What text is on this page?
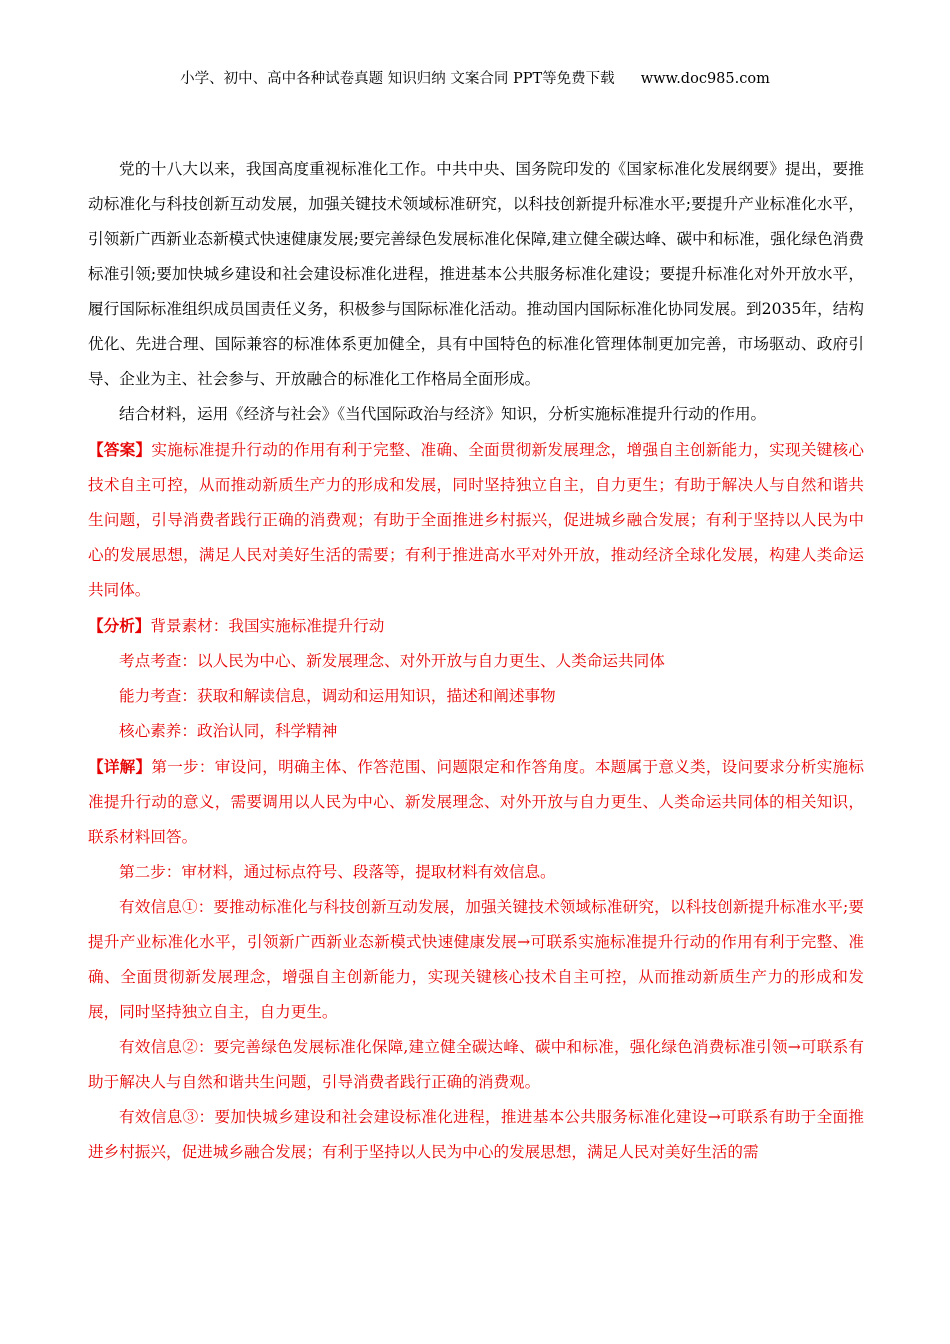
小学、初中、高中各种试卷真题 知识归纳 文案合同 PPT等免费下载 www.doc985.com

党的十八大以来，我国高度重视标准化工作。中共中央、国务院印发的《国家标准化发展纲要》提出，要推动标准化与科技创新互动发展，加强关键技术领域标准研究，以科技创新提升标准水平;要提升产业标准化水平，引领新广西新业态新模式快速健康发展;要完善绿色发展标准化保障,建立健全碳达峰、碳中和标准，强化绿色消费标准引领;要加快城乡建设和社会建设标准化进程，推进基本公共服务标准化建设；要提升标准化对外开放水平，履行国际标准组织成员国责任义务，积极参与国际标准化活动。推动国内国际标准化协同发展。到2035年，结构优化、先进合理、国际兼容的标准体系更加健全，具有中国特色的标准化管理体制更加完善，市场驱动、政府引导、企业为主、社会参与、开放融合的标准化工作格局全面形成。

结合材料，运用《经济与社会》《当代国际政治与经济》知识，分析实施标准提升行动的作用。

【答案】实施标准提升行动的作用有利于完整、准确、全面贯彻新发展理念，增强自主创新能力，实现关键核心技术自主可控，从而推动新质生产力的形成和发展，同时坚持独立自主，自力更生；有助于解决人与自然和谐共生问题，引导消费者践行正确的消费观；有助于全面推进乡村振兴，促进城乡融合发展；有利于坚持以人民为中心的发展思想，满足人民对美好生活的需要；有利于推进高水平对外开放，推动经济全球化发展，构建人类命运共同体。

【分析】背景素材：我国实施标准提升行动

考点考查：以人民为中心、新发展理念、对外开放与自力更生、人类命运共同体

能力考查：获取和解读信息，调动和运用知识，描述和阐述事物

核心素养：政治认同，科学精神

【详解】第一步：审设问，明确主体、作答范围、问题限定和作答角度。本题属于意义类，设问要求分析实施标准提升行动的意义，需要调用以人民为中心、新发展理念、对外开放与自力更生、人类命运共同体的相关知识，联系材料回答。

第二步：审材料，通过标点符号、段落等，提取材料有效信息。

有效信息①：要推动标准化与科技创新互动发展，加强关键技术领域标准研究，以科技创新提升标准水平;要提升产业标准化水平，引领新广西新业态新模式快速健康发展→可联系实施标准提升行动的作用有利于完整、准确、全面贯彻新发展理念，增强自主创新能力，实现关键核心技术自主可控，从而推动新质生产力的形成和发展，同时坚持独立自主，自力更生。

有效信息②：要完善绿色发展标准化保障,建立健全碳达峰、碳中和标准，强化绿色消费标准引领→可联系有助于解决人与自然和谐共生问题，引导消费者践行正确的消费观。

有效信息③：要加快城乡建设和社会建设标准化进程，推进基本公共服务标准化建设→可联系有助于全面推进乡村振兴，促进城乡融合发展；有利于坚持以人民为中心的发展思想，满足人民对美好生活的需
